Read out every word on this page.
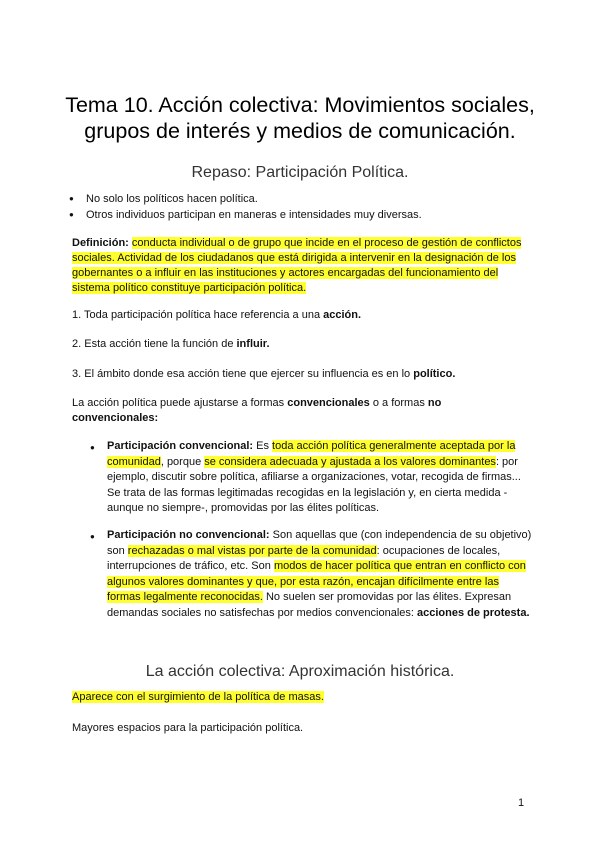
Tema 10. Acción colectiva: Movimientos sociales,
grupos de interés y medios de comunicación.
Repaso: Participación Política.
● No solo los políticos hacen política.
● Otros individuos participan en maneras e intensidades muy diversas.
Definición: conducta individual o de grupo que incide en el proceso de gestión de conflictos sociales. Actividad de los ciudadanos que está dirigida a intervenir en la designación de los gobernantes o a influir en las instituciones y actores encargadas del funcionamiento del sistema político constituye participación política.
1. Toda participación política hace referencia a una acción.
2. Esta acción tiene la función de influir.
3. El ámbito donde esa acción tiene que ejercer su influencia es en lo político.
La acción política puede ajustarse a formas convencionales o a formas no convencionales:
● Participación convencional: Es toda acción política generalmente aceptada por la comunidad, porque se considera adecuada y ajustada a los valores dominantes: por ejemplo, discutir sobre política, afiliarse a organizaciones, votar, recogida de firmas... Se trata de las formas legitimadas recogidas en la legislación y, en cierta medida -aunque no siempre-, promovidas por las élites políticas.
● Participación no convencional: Son aquellas que (con independencia de su objetivo) son rechazadas o mal vistas por parte de la comunidad: ocupaciones de locales, interrupciones de tráfico, etc. Son modos de hacer política que entran en conflicto con algunos valores dominantes y que, por esta razón, encajan difícilmente entre las formas legalmente reconocidas. No suelen ser promovidas por las élites. Expresan demandas sociales no satisfechas por medios convencionales: acciones de protesta.
La acción colectiva: Aproximación histórica.
Aparece con el surgimiento de la política de masas.
Mayores espacios para la participación política.
1
